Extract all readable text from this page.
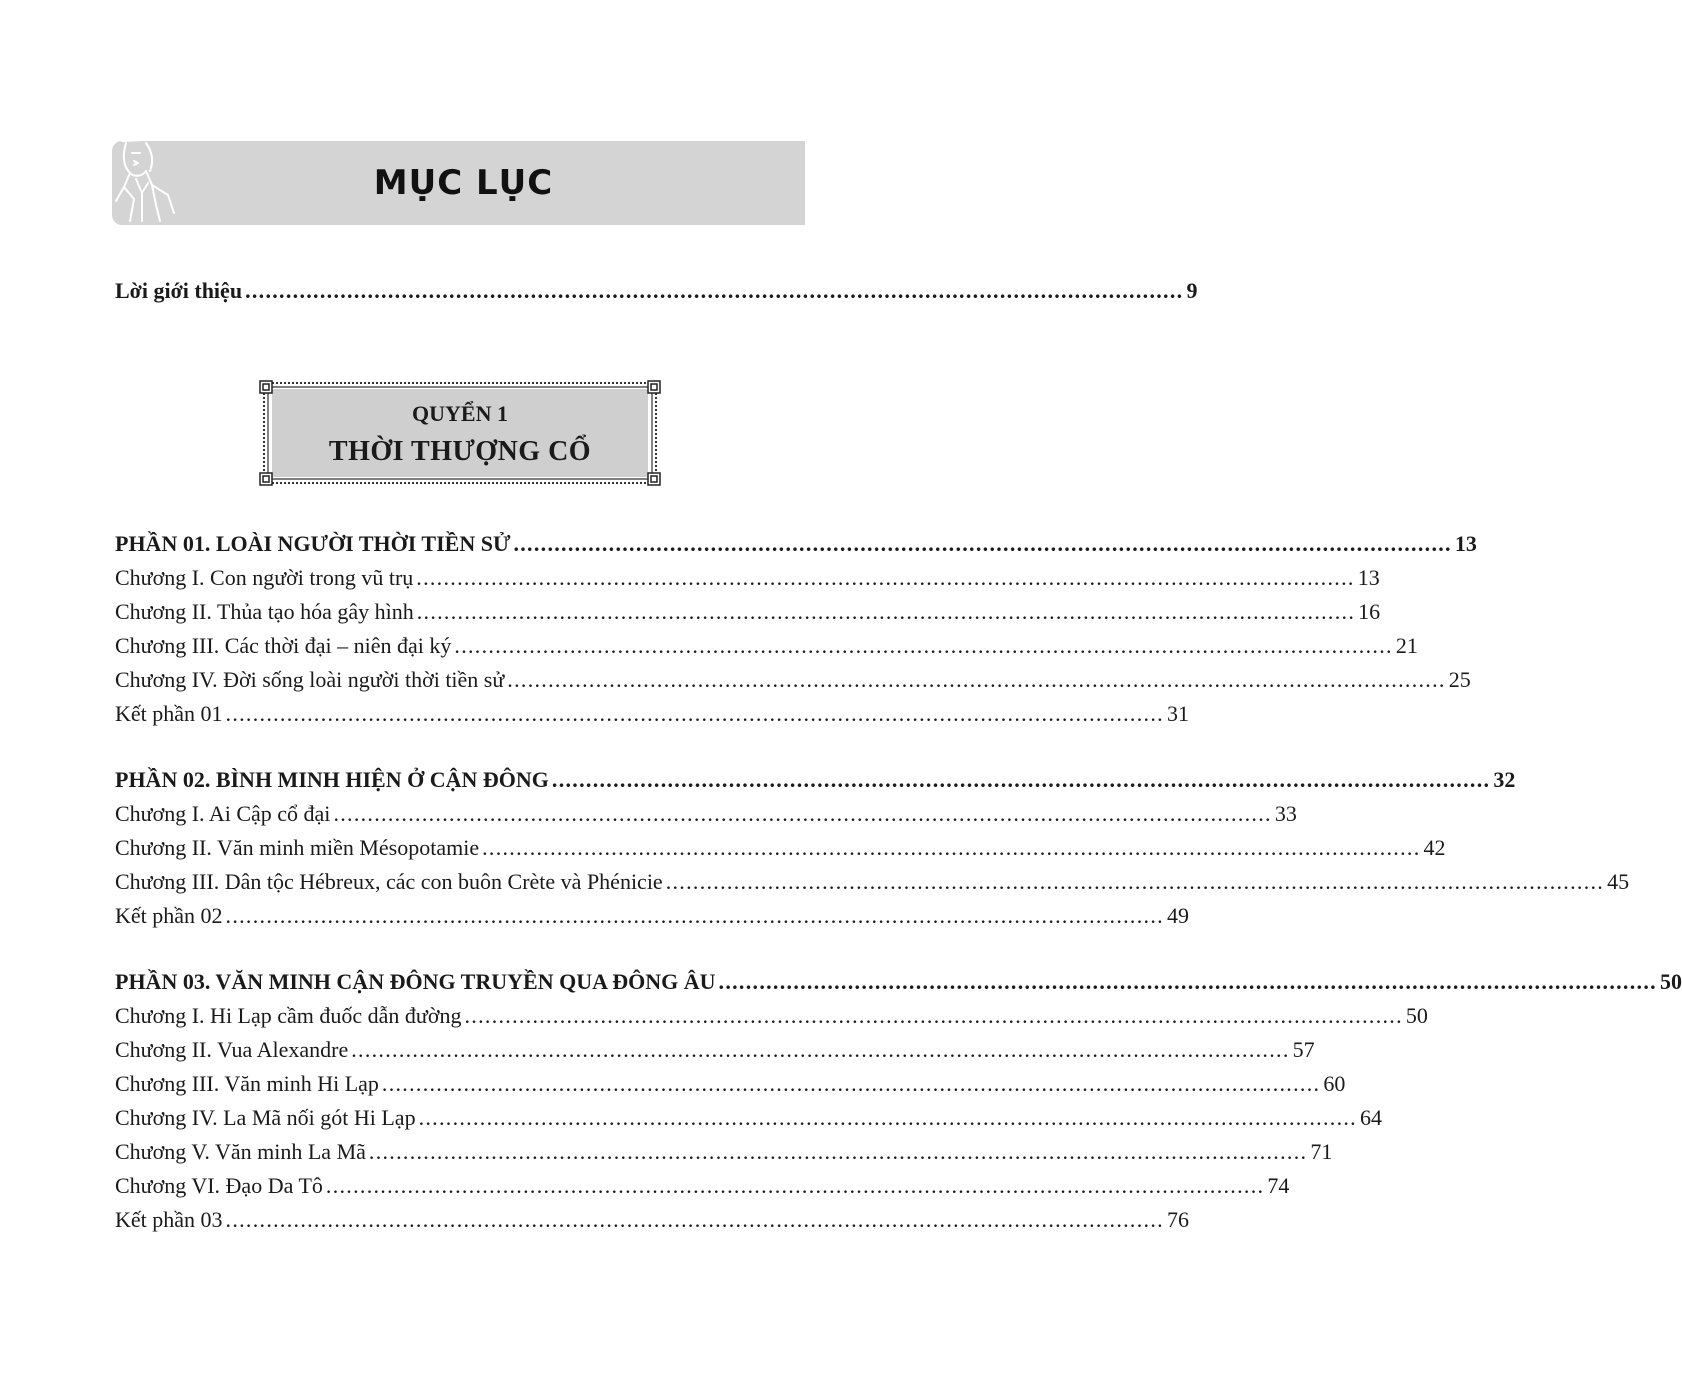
MỤC LỤC
Lời giới thiệu .......................................................................................................................................... 9
QUYỂN 1
THỜI THƯỢNG CỔ
PHẦN 01. LOÀI NGƯỜI THỜI TIỀN SỬ .......................................................................................................................................... 13
Chương I. Con người trong vũ trụ .......................................................................................................................................... 13
Chương II. Thủa tạo hóa gây hình .......................................................................................................................................... 16
Chương III. Các thời đại – niên đại ký .......................................................................................................................................... 21
Chương IV. Đời sống loài người thời tiền sử .......................................................................................................................................... 25
Kết phần 01 .......................................................................................................................................... 31
PHẦN 02. BÌNH MINH HIỆN Ở CẬN ĐÔNG .......................................................................................................................................... 32
Chương I. Ai Cập cổ đại .......................................................................................................................................... 33
Chương II. Văn minh miền Mésopotamie .......................................................................................................................................... 42
Chương III. Dân tộc Hébreux, các con buôn Crète và Phénicie .......................................................................................................................................... 45
Kết phần 02 .......................................................................................................................................... 49
PHẦN 03. VĂN MINH CẬN ĐÔNG TRUYỀN QUA ĐÔNG ÂU .......................................................................................................................................... 50
Chương I. Hi Lạp cầm đuốc dẫn đường .......................................................................................................................................... 50
Chương II. Vua Alexandre .......................................................................................................................................... 57
Chương III. Văn minh Hi Lạp .......................................................................................................................................... 60
Chương IV. La Mã nối gót Hi Lạp .......................................................................................................................................... 64
Chương V. Văn minh La Mã .......................................................................................................................................... 71
Chương VI. Đạo Da Tô .......................................................................................................................................... 74
Kết phần 03 .......................................................................................................................................... 76
